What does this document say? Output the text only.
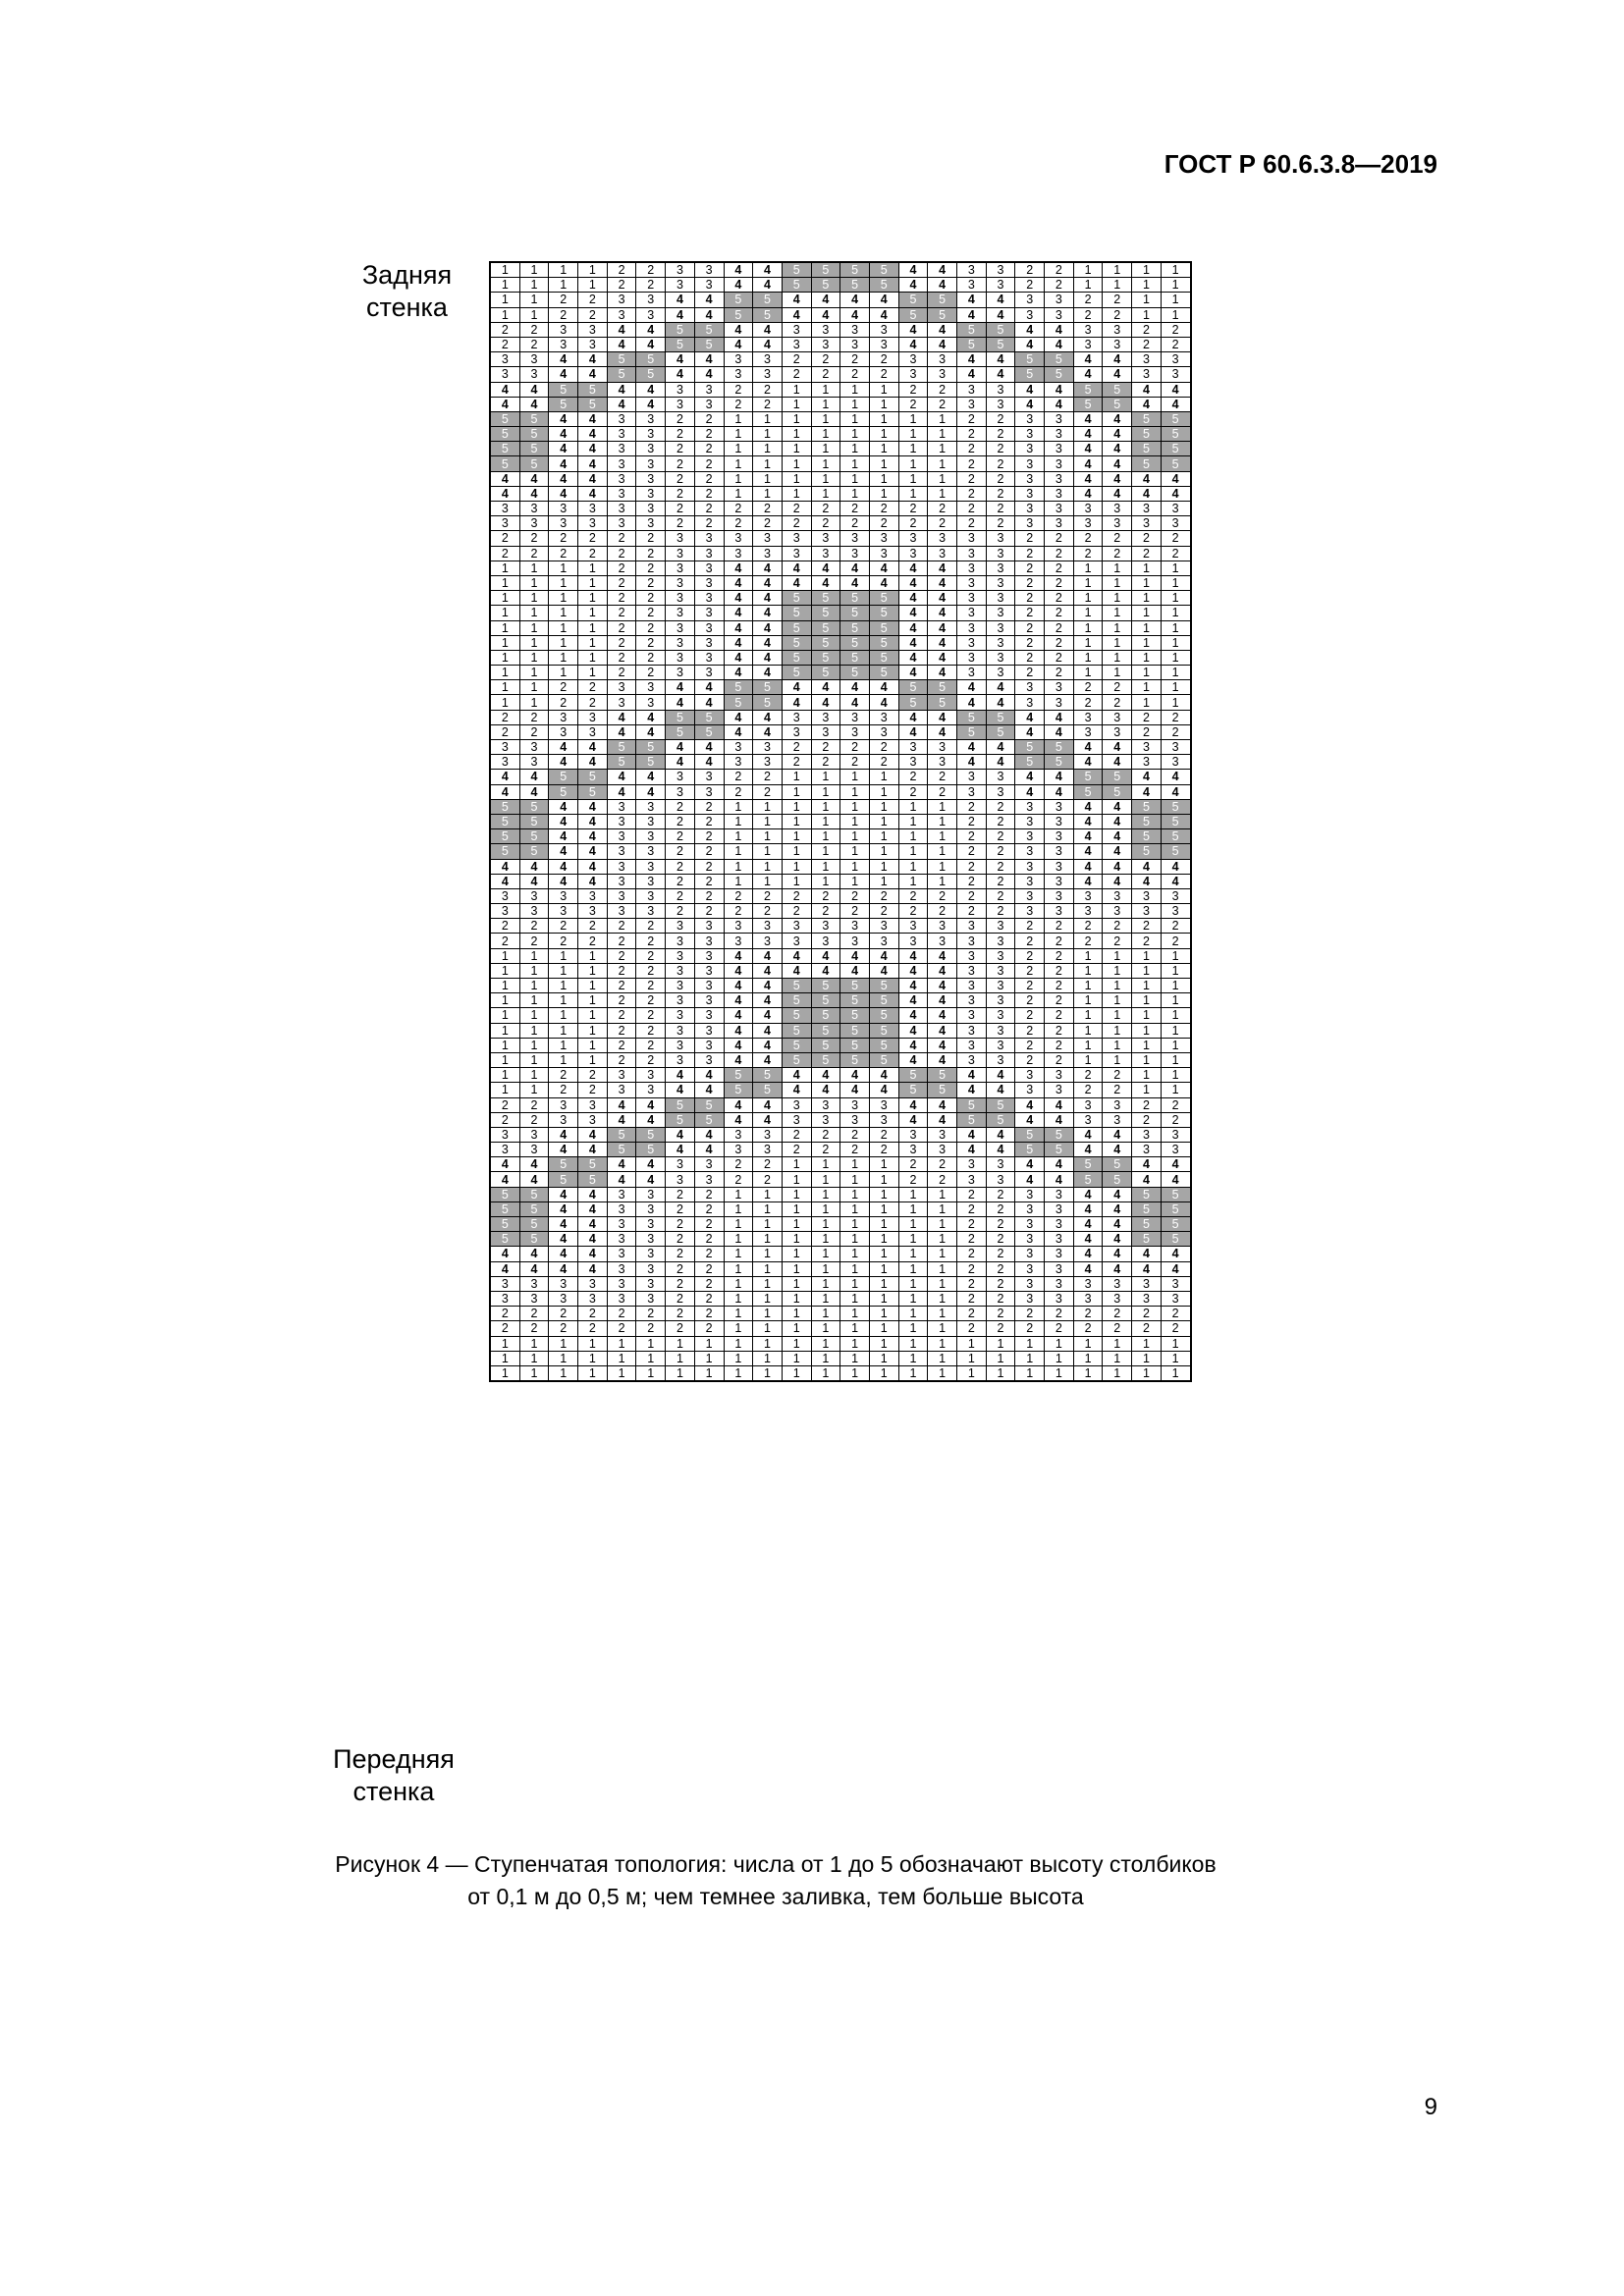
ГОСТ Р 60.6.3.8—2019
Задняя
стенка
1	1	1	1	2	2	3	3	4	4	5	5	5	5	4	4	3	3	2	2	1	1	1	1
1	1	1	1	2	2	3	3	4	4	5	5	5	5	4	4	3	3	2	2	1	1	1	1
1	1	2	2	3	3	4	4	5	5	4	4	4	4	5	5	4	4	3	3	2	2	1	1
1	1	2	2	3	3	4	4	5	5	4	4	4	4	5	5	4	4	3	3	2	2	1	1
2	2	3	3	4	4	5	5	4	4	3	3	3	3	4	4	5	5	4	4	3	3	2	2
2	2	3	3	4	4	5	5	4	4	3	3	3	3	4	4	5	5	4	4	3	3	2	2
3	3	4	4	5	5	4	4	3	3	2	2	2	2	3	3	4	4	5	5	4	4	3	3
3	3	4	4	5	5	4	4	3	3	2	2	2	2	3	3	4	4	5	5	4	4	3	3
4	4	5	5	4	4	3	3	2	2	1	1	1	1	2	2	3	3	4	4	5	5	4	4
4	4	5	5	4	4	3	3	2	2	1	1	1	1	2	2	3	3	4	4	5	5	4	4
5	5	4	4	3	3	2	2	1	1	1	1	1	1	1	1	2	2	3	3	4	4	5	5
5	5	4	4	3	3	2	2	1	1	1	1	1	1	1	1	2	2	3	3	4	4	5	5
5	5	4	4	3	3	2	2	1	1	1	1	1	1	1	1	2	2	3	3	4	4	5	5
5	5	4	4	3	3	2	2	1	1	1	1	1	1	1	1	2	2	3	3	4	4	5	5
4	4	4	4	3	3	2	2	1	1	1	1	1	1	1	1	2	2	3	3	4	4	4	4
4	4	4	4	3	3	2	2	1	1	1	1	1	1	1	1	2	2	3	3	4	4	4	4
3	3	3	3	3	3	2	2	2	2	2	2	2	2	2	2	2	2	3	3	3	3	3	3
3	3	3	3	3	3	2	2	2	2	2	2	2	2	2	2	2	2	3	3	3	3	3	3
2	2	2	2	2	2	3	3	3	3	3	3	3	3	3	3	3	3	2	2	2	2	2	2
2	2	2	2	2	2	3	3	3	3	3	3	3	3	3	3	3	3	2	2	2	2	2	2
1	1	1	1	2	2	3	3	4	4	4	4	4	4	4	4	3	3	2	2	1	1	1	1
1	1	1	1	2	2	3	3	4	4	4	4	4	4	4	4	3	3	2	2	1	1	1	1
1	1	1	1	2	2	3	3	4	4	5	5	5	5	4	4	3	3	2	2	1	1	1	1
1	1	1	1	2	2	3	3	4	4	5	5	5	5	4	4	3	3	2	2	1	1	1	1
1	1	1	1	2	2	3	3	4	4	5	5	5	5	4	4	3	3	2	2	1	1	1	1
1	1	1	1	2	2	3	3	4	4	5	5	5	5	4	4	3	3	2	2	1	1	1	1
1	1	1	1	2	2	3	3	4	4	5	5	5	5	4	4	3	3	2	2	1	1	1	1
1	1	1	1	2	2	3	3	4	4	5	5	5	5	4	4	3	3	2	2	1	1	1	1
1	1	2	2	3	3	4	4	5	5	4	4	4	4	5	5	4	4	3	3	2	2	1	1
1	1	2	2	3	3	4	4	5	5	4	4	4	4	5	5	4	4	3	3	2	2	1	1
2	2	3	3	4	4	5	5	4	4	3	3	3	3	4	4	5	5	4	4	3	3	2	2
2	2	3	3	4	4	5	5	4	4	3	3	3	3	4	4	5	5	4	4	3	3	2	2
3	3	4	4	5	5	4	4	3	3	2	2	2	2	3	3	4	4	5	5	4	4	3	3
3	3	4	4	5	5	4	4	3	3	2	2	2	2	3	3	4	4	5	5	4	4	3	3
4	4	5	5	4	4	3	3	2	2	1	1	1	1	2	2	3	3	4	4	5	5	4	4
4	4	5	5	4	4	3	3	2	2	1	1	1	1	2	2	3	3	4	4	5	5	4	4
5	5	4	4	3	3	2	2	1	1	1	1	1	1	1	1	2	2	3	3	4	4	5	5
5	5	4	4	3	3	2	2	1	1	1	1	1	1	1	1	2	2	3	3	4	4	5	5
5	5	4	4	3	3	2	2	1	1	1	1	1	1	1	1	2	2	3	3	4	4	5	5
5	5	4	4	3	3	2	2	1	1	1	1	1	1	1	1	2	2	3	3	4	4	5	5
4	4	4	4	3	3	2	2	1	1	1	1	1	1	1	1	2	2	3	3	4	4	4	4
4	4	4	4	3	3	2	2	1	1	1	1	1	1	1	1	2	2	3	3	4	4	4	4
3	3	3	3	3	3	2	2	2	2	2	2	2	2	2	2	2	2	3	3	3	3	3	3
3	3	3	3	3	3	2	2	2	2	2	2	2	2	2	2	2	2	3	3	3	3	3	3
2	2	2	2	2	2	3	3	3	3	3	3	3	3	3	3	3	3	2	2	2	2	2	2
2	2	2	2	2	2	3	3	3	3	3	3	3	3	3	3	3	3	2	2	2	2	2	2
1	1	1	1	2	2	3	3	4	4	4	4	4	4	4	4	3	3	2	2	1	1	1	1
1	1	1	1	2	2	3	3	4	4	4	4	4	4	4	4	3	3	2	2	1	1	1	1
1	1	1	1	2	2	3	3	4	4	5	5	5	5	4	4	3	3	2	2	1	1	1	1
1	1	1	1	2	2	3	3	4	4	5	5	5	5	4	4	3	3	2	2	1	1	1	1
1	1	1	1	2	2	3	3	4	4	5	5	5	5	4	4	3	3	2	2	1	1	1	1
1	1	1	1	2	2	3	3	4	4	5	5	5	5	4	4	3	3	2	2	1	1	1	1
1	1	1	1	2	2	3	3	4	4	5	5	5	5	4	4	3	3	2	2	1	1	1	1
1	1	1	1	2	2	3	3	4	4	5	5	5	5	4	4	3	3	2	2	1	1	1	1
1	1	2	2	3	3	4	4	5	5	4	4	4	4	5	5	4	4	3	3	2	2	1	1
1	1	2	2	3	3	4	4	5	5	4	4	4	4	5	5	4	4	3	3	2	2	1	1
2	2	3	3	4	4	5	5	4	4	3	3	3	3	4	4	5	5	4	4	3	3	2	2
2	2	3	3	4	4	5	5	4	4	3	3	3	3	4	4	5	5	4	4	3	3	2	2
3	3	4	4	5	5	4	4	3	3	2	2	2	2	3	3	4	4	5	5	4	4	3	3
3	3	4	4	5	5	4	4	3	3	2	2	2	2	3	3	4	4	5	5	4	4	3	3
4	4	5	5	4	4	3	3	2	2	1	1	1	1	2	2	3	3	4	4	5	5	4	4
4	4	5	5	4	4	3	3	2	2	1	1	1	1	2	2	3	3	4	4	5	5	4	4
5	5	4	4	3	3	2	2	1	1	1	1	1	1	1	1	2	2	3	3	4	4	5	5
5	5	4	4	3	3	2	2	1	1	1	1	1	1	1	1	2	2	3	3	4	4	5	5
5	5	4	4	3	3	2	2	1	1	1	1	1	1	1	1	2	2	3	3	4	4	5	5
5	5	4	4	3	3	2	2	1	1	1	1	1	1	1	1	2	2	3	3	4	4	5	5
4	4	4	4	3	3	2	2	1	1	1	1	1	1	1	1	2	2	3	3	4	4	4	4
4	4	4	4	3	3	2	2	1	1	1	1	1	1	1	1	2	2	3	3	4	4	4	4
3	3	3	3	3	3	2	2	1	1	1	1	1	1	1	1	2	2	3	3	3	3	3	3
3	3	3	3	3	3	2	2	1	1	1	1	1	1	1	1	2	2	3	3	3	3	3	3
2	2	2	2	2	2	2	2	1	1	1	1	1	1	1	1	2	2	2	2	2	2	2	2
2	2	2	2	2	2	2	2	1	1	1	1	1	1	1	1	2	2	2	2	2	2	2	2
1	1	1	1	1	1	1	1	1	1	1	1	1	1	1	1	1	1	1	1	1	1	1	1
1	1	1	1	1	1	1	1	1	1	1	1	1	1	1	1	1	1	1	1	1	1	1	1
1	1	1	1	1	1	1	1	1	1	1	1	1	1	1	1	1	1	1	1	1	1	1	1
Передняя
стенка
Рисунок 4 — Ступенчатая топология: числа от 1 до 5 обозначают высоту столбиков
от 0,1 м до 0,5 м; чем темнее заливка, тем больше высота
9
